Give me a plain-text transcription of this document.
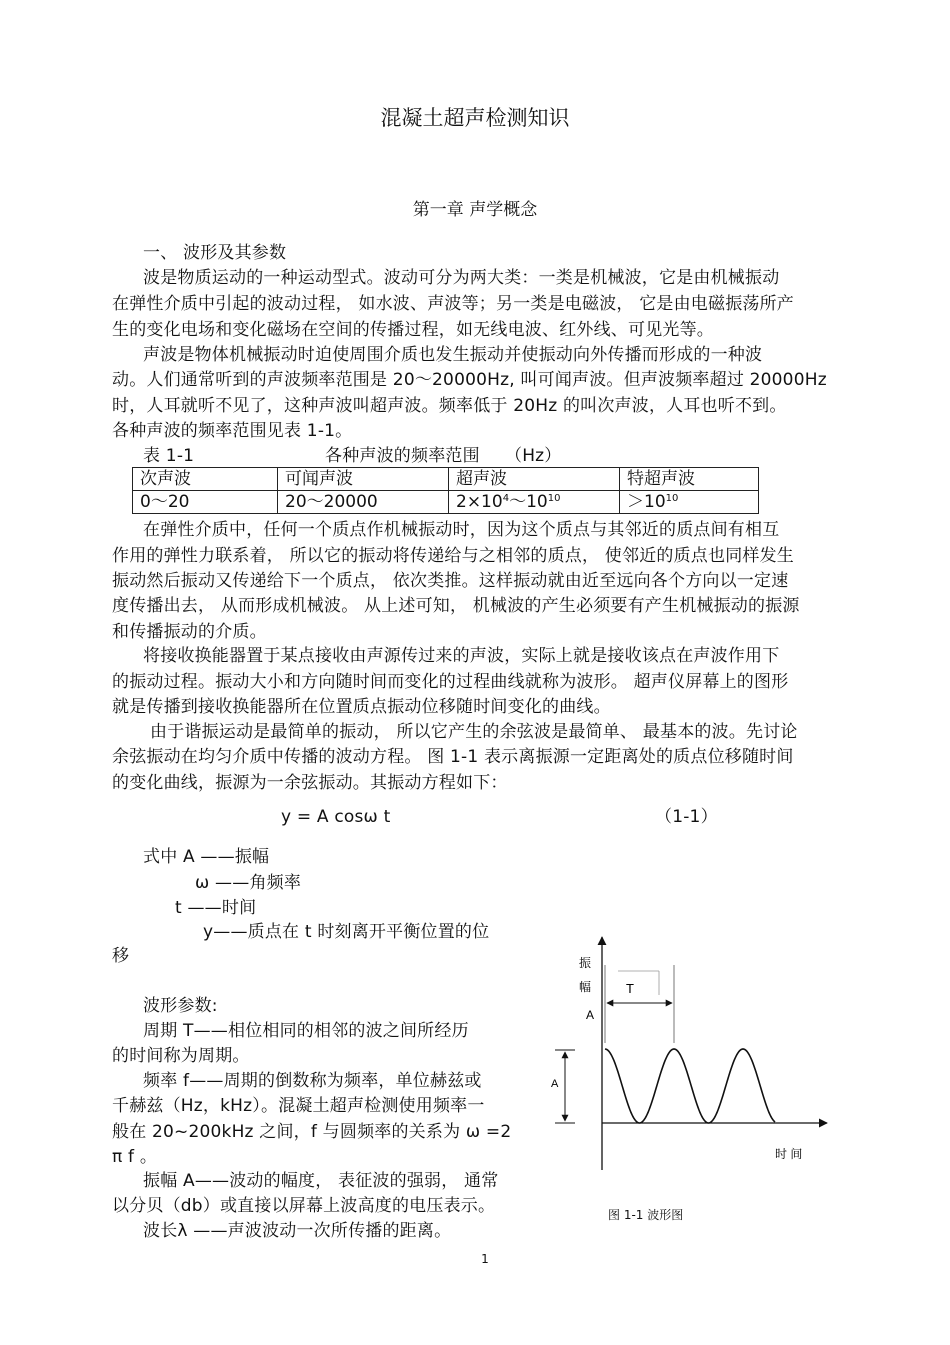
混凝土超声检测知识
第一章 声学概念
一、 波形及其参数
波是物质运动的一种运动型式。波动可分为两大类：一类是机械波，它是由机械振动
在弹性介质中引起的波动过程， 如水波、声波等；另一类是电磁波， 它是由电磁振荡所产
生的变化电场和变化磁场在空间的传播过程，如无线电波、红外线、可见光等。
声波是物体机械振动时迫使周围介质也发生振动并使振动向外传播而形成的一种波
动。人们通常听到的声波频率范围是 20～20000Hz, 叫可闻声波。但声波频率超过 20000Hz
时，人耳就听不见了，这种声波叫超声波。频率低于 20Hz 的叫次声波，人耳也听不到。
各种声波的频率范围见表 1-1。
表 1-1	各种声波的频率范围 （Hz）
次声波	可闻声波	超声波	特超声波
0～20	20～20000	$2\times 10^4\sim 10^{10}$	$>10^{10}$
在弹性介质中，任何一个质点作机械振动时，因为这个质点与其邻近的质点间有相互
作用的弹性力联系着， 所以它的振动将传递给与之相邻的质点， 使邻近的质点也同样发生
振动然后振动又传递给下一个质点， 依次类推。这样振动就由近至远向各个方向以一定速
度传播出去， 从而形成机械波。 从上述可知， 机械波的产生必须要有产生机械振动的振源
和传播振动的介质。
将接收换能器置于某点接收由声源传过来的声波，实际上就是接收该点在声波作用下
的振动过程。振动大小和方向随时间而变化的过程曲线就称为波形。 超声仪屏幕上的图形
就是传播到接收换能器所在位置质点振动位移随时间变化的曲线。
由于谐振运动是最简单的振动， 所以它产生的余弦波是最简单、 最基本的波。先讨论
余弦振动在均匀介质中传播的波动方程。 图 1-1 表示离振源一定距离处的质点位移随时间
的变化曲线，振源为一余弦振动。其振动方程如下：
y = A cosω t	（1-1）
式中 A ——振幅
ω ——角频率
t ——时间
y——质点在 t 时刻离开平衡位置的位
移
波形参数:
周期 T——相位相同的相邻的波之间所经历
的时间称为周期。
频率 f——周期的倒数称为频率，单位赫兹或
千赫兹（Hz，kHz）。混凝土超声检测使用频率一
般在 20~200kHz 之间，f 与圆频率的关系为 ω =2
π f 。
振幅 A——波动的幅度， 表征波的强弱， 通常
以分贝（db）或直接以屏幕上波高度的电压表示。
波长λ ——声波波动一次所传播的距离。
振
幅
A
A
T
时 间
图 1-1 波形图
1
